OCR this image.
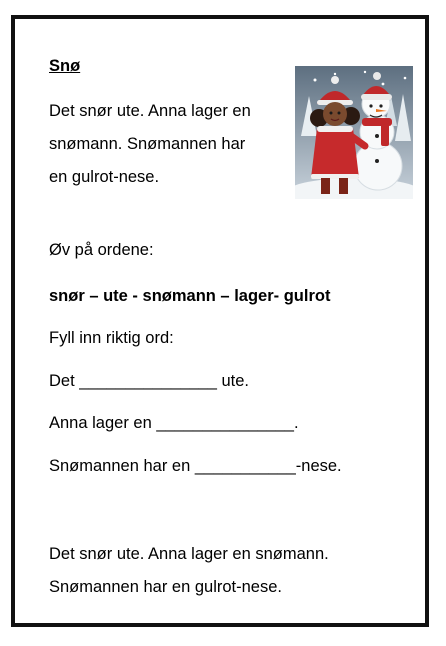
Snø
Det snør ute. Anna lager en
snømann. Snømannen har
en gulrot-nese.
Øv på ordene:
snør – ute - snømann – lager- gulrot
Fyll inn riktig ord:
Det _______________ ute.
Anna lager en _______________.
Snømannen har en ___________-nese.
Det snør ute. Anna lager en snømann.
Snømannen har en gulrot-nese.
